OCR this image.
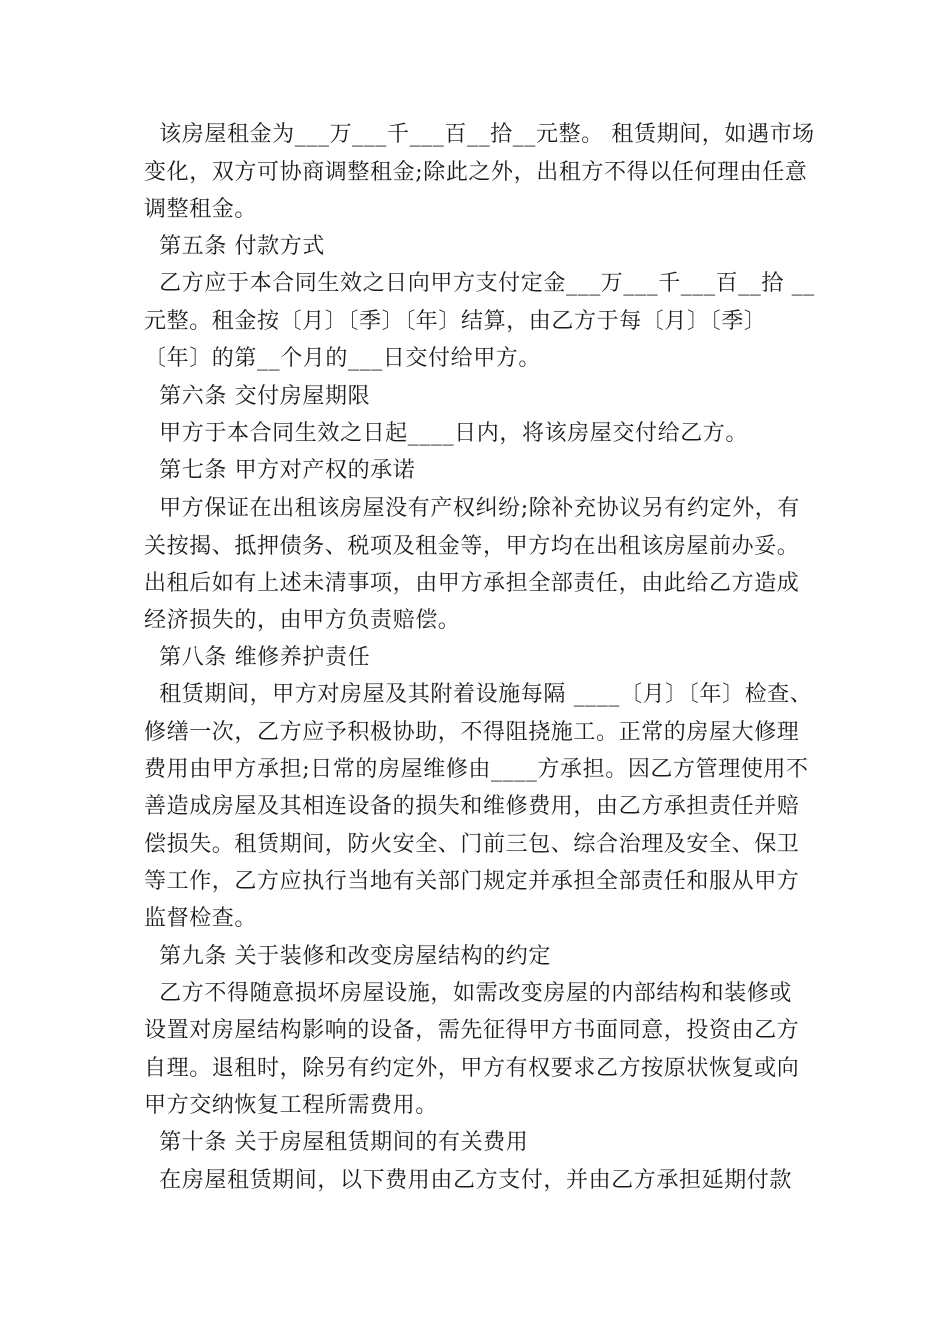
该房屋租金为___万___千___百__拾__元整。 租赁期间，如遇市场
变化，双方可协商调整租金;除此之外，出租方不得以任何理由任意
调整租金。
第五条 付款方式
乙方应于本合同生效之日向甲方支付定金___万___千___百__拾 __
元整。租金按〔月〕〔季〕〔年〕结算，由乙方于每〔月〕〔季〕
〔年〕的第__个月的___日交付给甲方。
第六条 交付房屋期限
甲方于本合同生效之日起____日内，将该房屋交付给乙方。
第七条 甲方对产权的承诺
甲方保证在出租该房屋没有产权纠纷;除补充协议另有约定外，有
关按揭、抵押债务、税项及租金等，甲方均在出租该房屋前办妥。
出租后如有上述未清事项，由甲方承担全部责任，由此给乙方造成
经济损失的，由甲方负责赔偿。
第八条 维修养护责任
租赁期间，甲方对房屋及其附着设施每隔 ____〔月〕〔年〕检查、
修缮一次，乙方应予积极协助，不得阻挠施工。正常的房屋大修理
费用由甲方承担;日常的房屋维修由____方承担。因乙方管理使用不
善造成房屋及其相连设备的损失和维修费用，由乙方承担责任并赔
偿损失。租赁期间，防火安全、门前三包、综合治理及安全、保卫
等工作，乙方应执行当地有关部门规定并承担全部责任和服从甲方
监督检查。
第九条 关于装修和改变房屋结构的约定
乙方不得随意损坏房屋设施，如需改变房屋的内部结构和装修或
设置对房屋结构影响的设备，需先征得甲方书面同意，投资由乙方
自理。退租时，除另有约定外，甲方有权要求乙方按原状恢复或向
甲方交纳恢复工程所需费用。
第十条 关于房屋租赁期间的有关费用
在房屋租赁期间，以下费用由乙方支付，并由乙方承担延期付款
